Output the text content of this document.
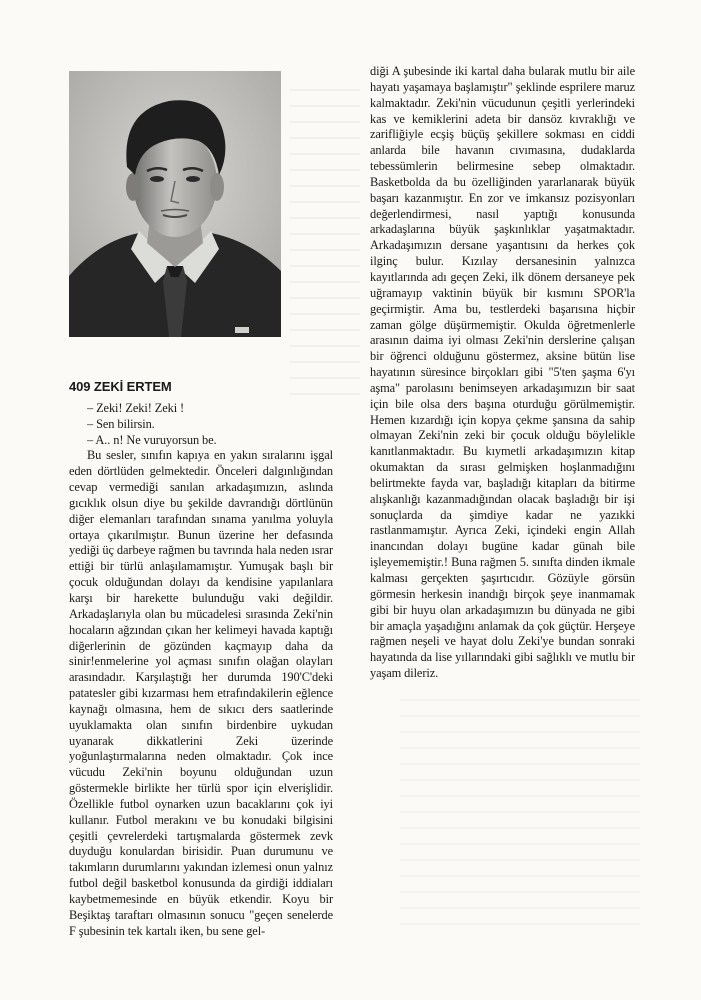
409 ZEKİ ERTEM

– Zeki! Zeki! Zeki !

– Sen bilirsin.

– A.. n! Ne vuruyorsun be.

Bu sesler, sınıfın kapıya en yakın sıralarını işgal eden dörtlüden gelmektedir. Önceleri dalgınlığından cevap vermediği sanılan arkadaşımızın, aslında gıcıklık olsun diye bu şekilde davrandığı dörtlünün diğer elemanları tarafından sınama yanılma yoluyla ortaya çıkarılmıştır. Bunun üzerine her defasında yediği üç darbeye rağmen bu tavrında hala neden ısrar ettiği bir türlü anlaşılamamıştır. Yumuşak başlı bir çocuk olduğundan dolayı da kendisine yapılanlara karşı bir harekette bulunduğu vaki değildir. Arkadaşlarıyla olan bu mücadelesi sırasında Zeki'nin hocaların ağzından çıkan her kelimeyi havada kaptığı diğerlerinin de gözünden kaçmayıp daha da sinir!enmelerine yol açması sınıfın olağan olayları arasındadır. Karşılaştığı her durumda 190'C'deki patatesler gibi kızarması hem etrafındakilerin eğlence kaynağı olmasına, hem de sıkıcı ders saatlerinde uyuklamakta olan sınıfın birdenbire uykudan uyanarak dikkatlerini Zeki üzerinde yoğunlaştırmalarına neden olmaktadır. Çok ince vücudu Zeki'nin boyunu olduğundan uzun göstermekle birlikte her türlü spor için elverişlidir. Özellikle futbol oynarken uzun bacaklarını çok iyi kullanır. Futbol merakını ve bu konudaki bilgisini çeşitli çevrelerdeki tartışmalarda göstermek zevk duyduğu konulardan birisidir. Puan durumunu ve takımların durumlarını yakından izlemesi onun yalnız futbol değil basketbol konusunda da girdiği iddiaları kaybetmemesinde en büyük etkendir. Koyu bir Beşiktaş taraftarı olmasının sonucu "geçen senelerde F şubesinin tek kartalı iken, bu sene gel-

diği A şubesinde iki kartal daha bularak mutlu bir aile hayatı yaşamaya başlamıştır" şeklinde esprilere maruz kalmaktadır. Zeki'nin vücudunun çeşitli yerlerindeki kas ve kemiklerini adeta bir dansöz kıvraklığı ve zarifliğiyle ecşiş büçüş şekillere sokması en ciddi anlarda bile havanın cıvımasına, dudaklarda tebessümlerin belirmesine sebep olmaktadır. Basketbolda da bu özelliğinden yararlanarak büyük başarı kazanmıştır. En zor ve imkansız pozisyonları değerlendirmesi, nasıl yaptığı konusunda arkadaşlarına büyük şaşkınlıklar yaşatmaktadır. Arkadaşımızın dersane yaşantısını da herkes çok ilginç bulur. Kızılay dersanesinin yalnızca kayıtlarında adı geçen Zeki, ilk dönem dersaneye pek uğramayıp vaktinin büyük bir kısmını SPOR'la geçirmiştir. Ama bu, testlerdeki başarısına hiçbir zaman gölge düşürmemiştir. Okulda öğretmenlerle arasının daima iyi olması Zeki'nin derslerine çalışan bir öğrenci olduğunu göstermez, aksine bütün lise hayatının süresince birçokları gibi "5'ten şaşma 6'yı aşma" parolasını benimseyen arkadaşımızın bir saat için bile olsa ders başına oturduğu görülmemiştir. Hemen kızardığı için kopya çekme şansına da sahip olmayan Zeki'nin zeki bir çocuk olduğu böylelikle kanıtlanmaktadır. Bu kıymetli arkadaşımızın kitap okumaktan da sırası gelmişken hoşlanmadığını belirtmekte fayda var, başladığı kitapları da bitirme alışkanlığı kazanmadığından olacak başladığı bir işi sonuçlarda da şimdiye kadar ne yazıkki rastlanmamıştır. Ayrıca Zeki, içindeki engin Allah inancından dolayı bugüne kadar günah bile işleyememiştir.! Buna rağmen 5. sınıfta dinden ikmale kalması gerçekten şaşırtıcıdır. Gözüyle görsün görmesin herkesin inandığı birçok şeye inanmamak gibi bir huyu olan arkadaşımızın bu dünyada ne gibi bir amaçla yaşadığını anlamak da çok güçtür. Herşeye rağmen neşeli ve hayat dolu Zeki'ye bundan sonraki hayatında da lise yıllarındaki gibi sağlıklı ve mutlu bir yaşam dileriz.
